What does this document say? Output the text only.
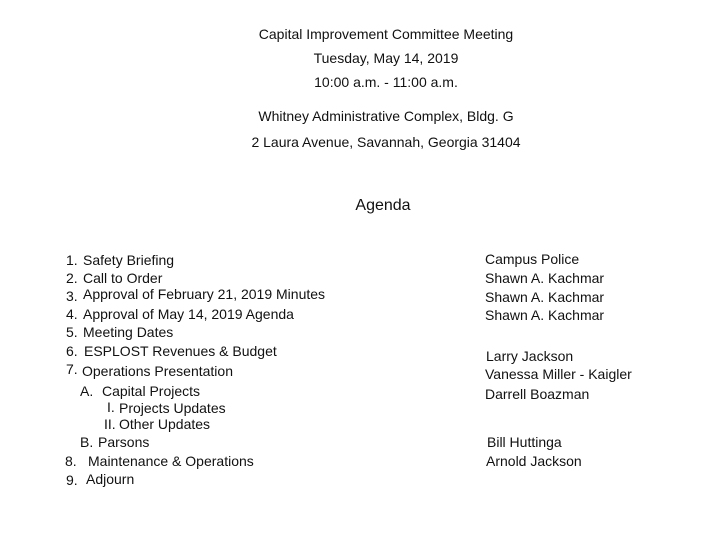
Capital Improvement Committee Meeting
Tuesday, May 14, 2019
10:00 a.m. - 11:00 a.m.
Whitney Administrative Complex, Bldg. G
2 Laura Avenue, Savannah, Georgia 31404
Agenda
1.
2.
3.
4.
5.
6.
7.
A.
I.
II.
B.
8.
9.
Safety Briefing
Call to Order
Approval of February 21, 2019 Minutes
Approval of May 14, 2019 Agenda
Meeting Dates
ESPLOST Revenues & Budget
Operations Presentation
Capital Projects
Projects Updates
Other Updates
Parsons
Maintenance & Operations
Adjourn
Campus Police
Shawn A. Kachmar
Shawn A. Kachmar
Shawn A. Kachmar
Larry Jackson
Vanessa Miller - Kaigler
Darrell Boazman
Bill Huttinga
Arnold Jackson
